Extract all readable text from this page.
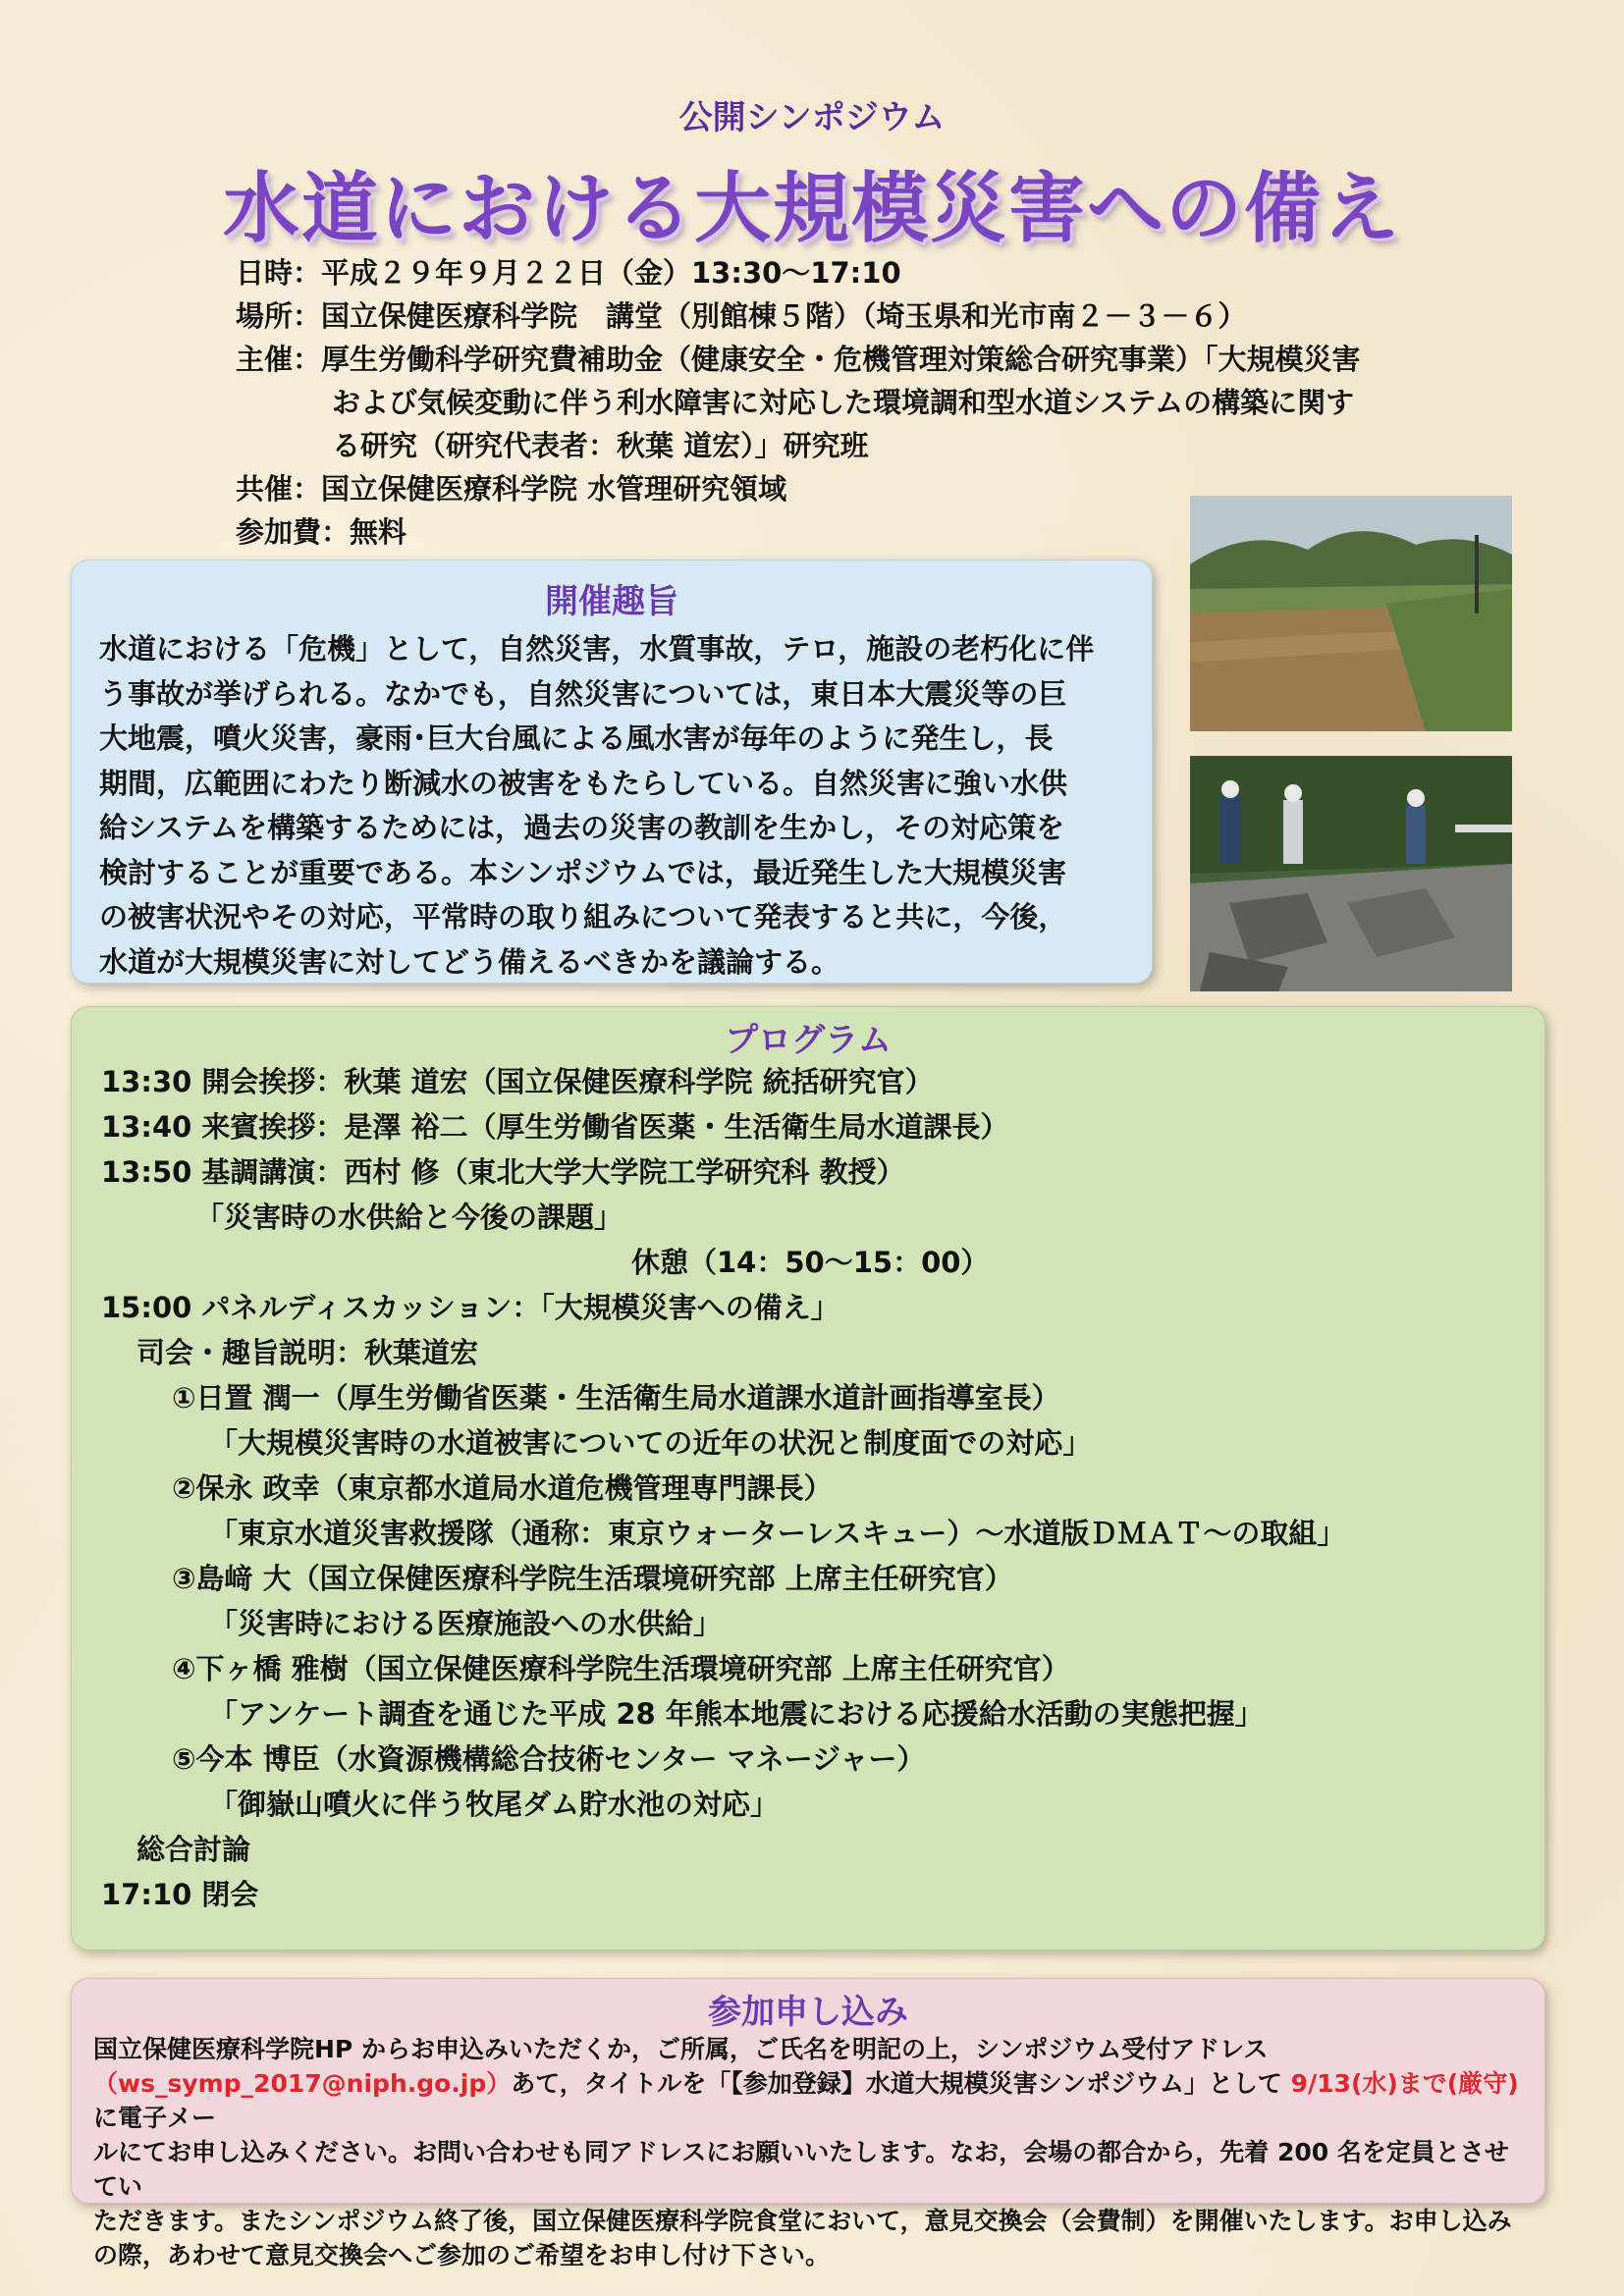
公開シンポジウム
水道における大規模災害への備え
日時：平成２９年９月２２日（金）13:30～17:10
場所：国立保健医療科学院　講堂（別館棟５階）（埼玉県和光市南２－３－６）
主催：厚生労働科学研究費補助金（健康安全・危機管理対策総合研究事業）「大規模災害
および気候変動に伴う利水障害に対応した環境調和型水道システムの構築に関す
る研究（研究代表者：秋葉 道宏）」研究班
共催：国立保健医療科学院 水管理研究領域
参加費：無料
開催趣旨
水道における「危機」として，自然災害，水質事故，テロ，施設の老朽化に伴
う事故が挙げられる。なかでも，自然災害については，東日本大震災等の巨
大地震，噴火災害，豪雨･巨大台風による風水害が毎年のように発生し，長
期間，広範囲にわたり断減水の被害をもたらしている。自然災害に強い水供
給システムを構築するためには，過去の災害の教訓を生かし，その対応策を
検討することが重要である。本シンポジウムでは，最近発生した大規模災害
の被害状況やその対応，平常時の取り組みについて発表すると共に，今後，
水道が大規模災害に対してどう備えるべきかを議論する。
プログラム
13:30 開会挨拶：秋葉 道宏（国立保健医療科学院 統括研究官）
13:40 来賓挨拶：是澤 裕二（厚生労働省医薬・生活衛生局水道課長）
13:50 基調講演：西村 修（東北大学大学院工学研究科 教授）
「災害時の水供給と今後の課題」
休憩（14：50～15：00）
15:00 パネルディスカッション：「大規模災害への備え」
司会・趣旨説明：秋葉道宏
①日置 潤一（厚生労働省医薬・生活衛生局水道課水道計画指導室長）
「大規模災害時の水道被害についての近年の状況と制度面での対応」
②保永 政幸（東京都水道局水道危機管理専門課長）
「東京水道災害救援隊（通称：東京ウォーターレスキュー）～水道版ＤＭＡＴ～の取組」
③島﨑 大（国立保健医療科学院生活環境研究部 上席主任研究官）
「災害時における医療施設への水供給」
④下ヶ橋 雅樹（国立保健医療科学院生活環境研究部 上席主任研究官）
「アンケート調査を通じた平成 28 年熊本地震における応援給水活動の実態把握」
⑤今本 博臣（水資源機構総合技術センター マネージャー）
「御嶽山噴火に伴う牧尾ダム貯水池の対応」
総合討論
17:10 閉会
参加申し込み
国立保健医療科学院HP からお申込みいただくか，ご所属，ご氏名を明記の上，シンポジウム受付アドレス
（ws_symp_2017@niph.go.jp）あて，タイトルを「【参加登録】水道大規模災害シンポジウム」として 9/13(水)まで(厳守)に電子メー
ルにてお申し込みください。お問い合わせも同アドレスにお願いいたします。なお，会場の都合から，先着 200 名を定員とさせてい
ただきます。またシンポジウム終了後，国立保健医療科学院食堂において，意見交換会（会費制）を開催いたします。お申し込み
の際，あわせて意見交換会へご参加のご希望をお申し付け下さい。
